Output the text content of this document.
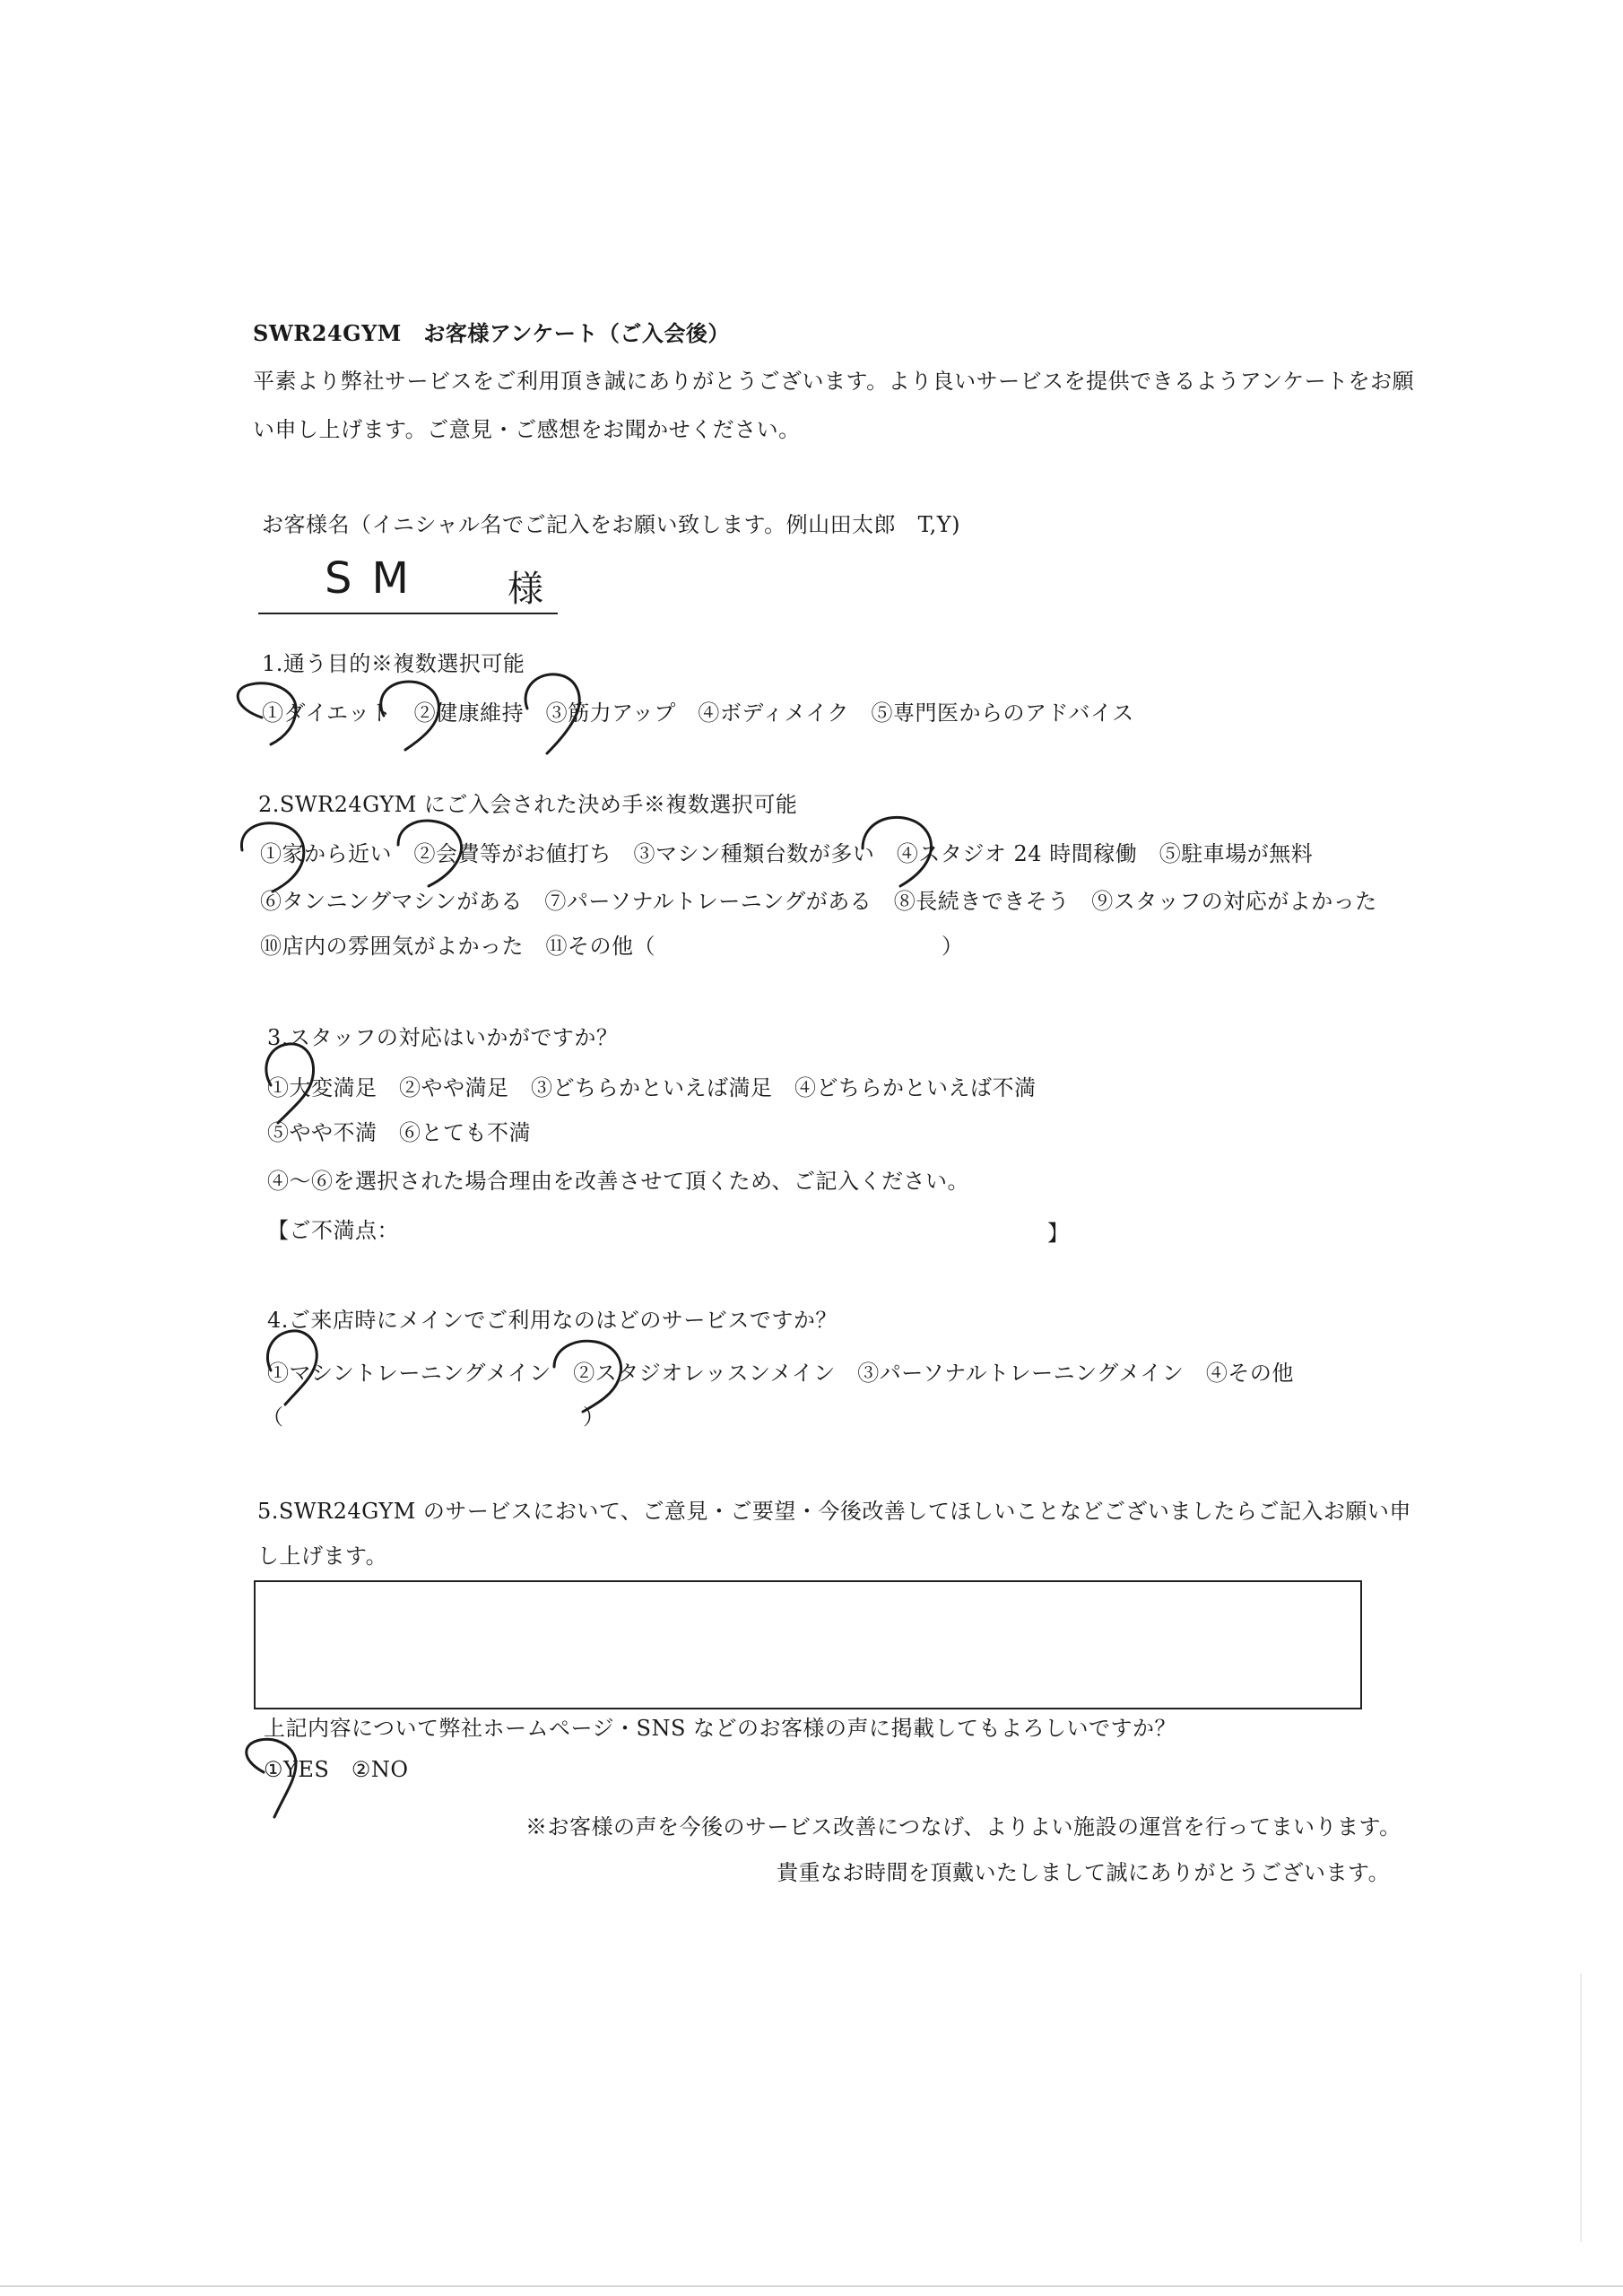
SWR24GYM　お客様アンケート（ご入会後）
平素より弊社サービスをご利用頂き誠にありがとうございます。より良いサービスを提供できるようアンケートをお願
い申し上げます。ご意見・ご感想をお聞かせください。
お客様名（イニシャル名でご記入をお願い致します。例山田太郎　T,Y)
SM 様
1.通う目的※複数選択可能
①ダイエット　②健康維持　③筋力アップ　④ボディメイク　⑤専門医からのアドバイス
2.SWR24GYM にご入会された決め手※複数選択可能
①家から近い　②会費等がお値打ち　③マシン種類台数が多い　④スタジオ 24 時間稼働　⑤駐車場が無料
⑥タンニングマシンがある　⑦パーソナルトレーニングがある　⑧長続きできそう　⑨スタッフの対応がよかった
⑩店内の雰囲気がよかった　⑪その他（	）
3.スタッフの対応はいかがですか？
①大変満足　②やや満足　③どちらかといえば満足　④どちらかといえば不満
⑤やや不満　⑥とても不満
④～⑥を選択された場合理由を改善させて頂くため、ご記入ください。
【ご不満点：	】
4.ご来店時にメインでご利用なのはどのサービスですか？
①マシントレーニングメイン　②スタジオレッスンメイン　③パーソナルトレーニングメイン　④その他
（	）
5.SWR24GYM のサービスにおいて、ご意見・ご要望・今後改善してほしいことなどございましたらご記入お願い申
し上げます。
上記内容について弊社ホームページ・SNS などのお客様の声に掲載してもよろしいですか？
①YES　②NO
※お客様の声を今後のサービス改善につなげ、よりよい施設の運営を行ってまいります。
貴重なお時間を頂戴いたしまして誠にありがとうございます。
